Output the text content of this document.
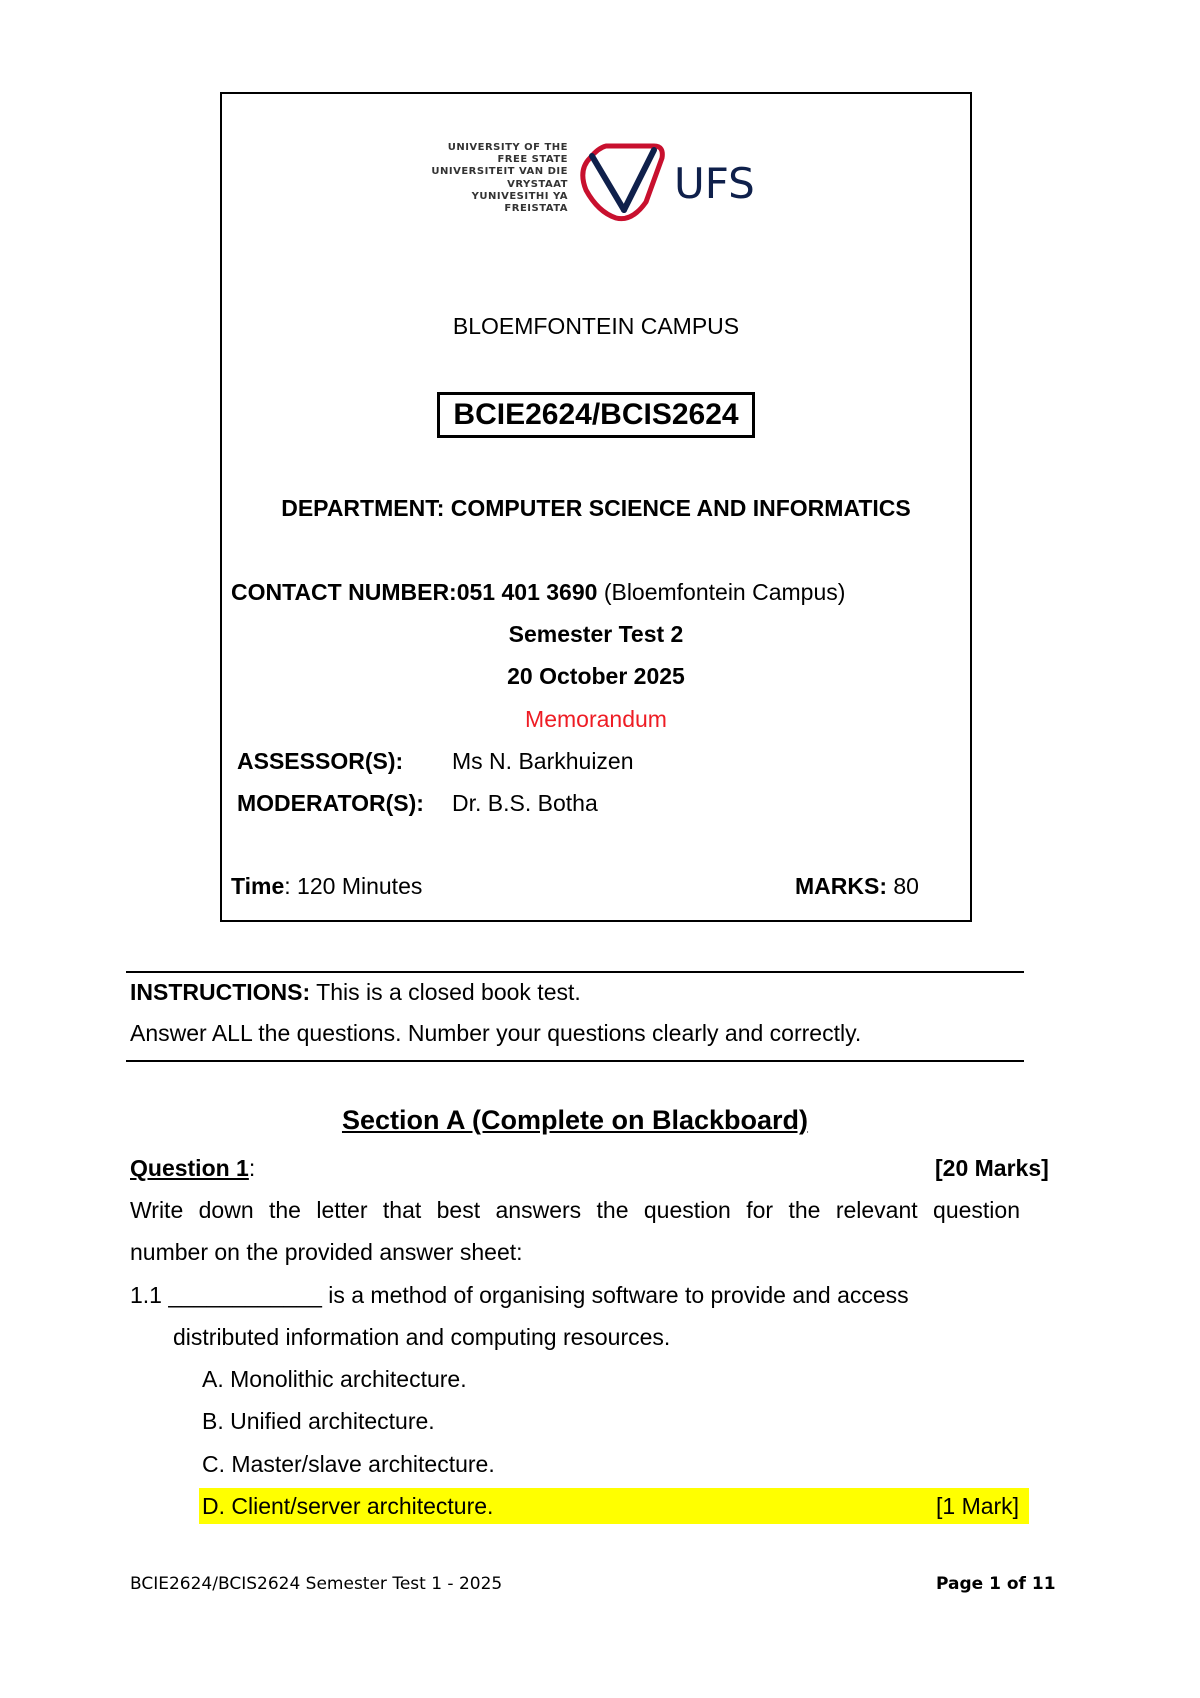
UNIVERSITY OF THE
FREE STATE
UNIVERSITEIT VAN DIE
VRYSTAAT
YUNIVESITHI YA
FREISTATA
UFS
BLOEMFONTEIN CAMPUS
BCIE2624/BCIS2624
DEPARTMENT: COMPUTER SCIENCE AND INFORMATICS
CONTACT NUMBER:051 401 3690 (Bloemfontein Campus)
Semester Test 2
20 October 2025
Memorandum
ASSESSOR(S): Ms N. Barkhuizen
MODERATOR(S): Dr. B.S. Botha
Time: 120 Minutes	MARKS: 80
INSTRUCTIONS: This is a closed book test.
Answer ALL the questions. Number your questions clearly and correctly.
Section A (Complete on Blackboard)
Question 1:	[20 Marks]
Write down the letter that best answers the question for the relevant question
number on the provided answer sheet:
1.1 ____________ is a method of organising software to provide and access
distributed information and computing resources.
A. Monolithic architecture.
B. Unified architecture.
C. Master/slave architecture.
D. Client/server architecture.	[1 Mark]
BCIE2624/BCIS2624 Semester Test 1 - 2025	Page 1 of 11
